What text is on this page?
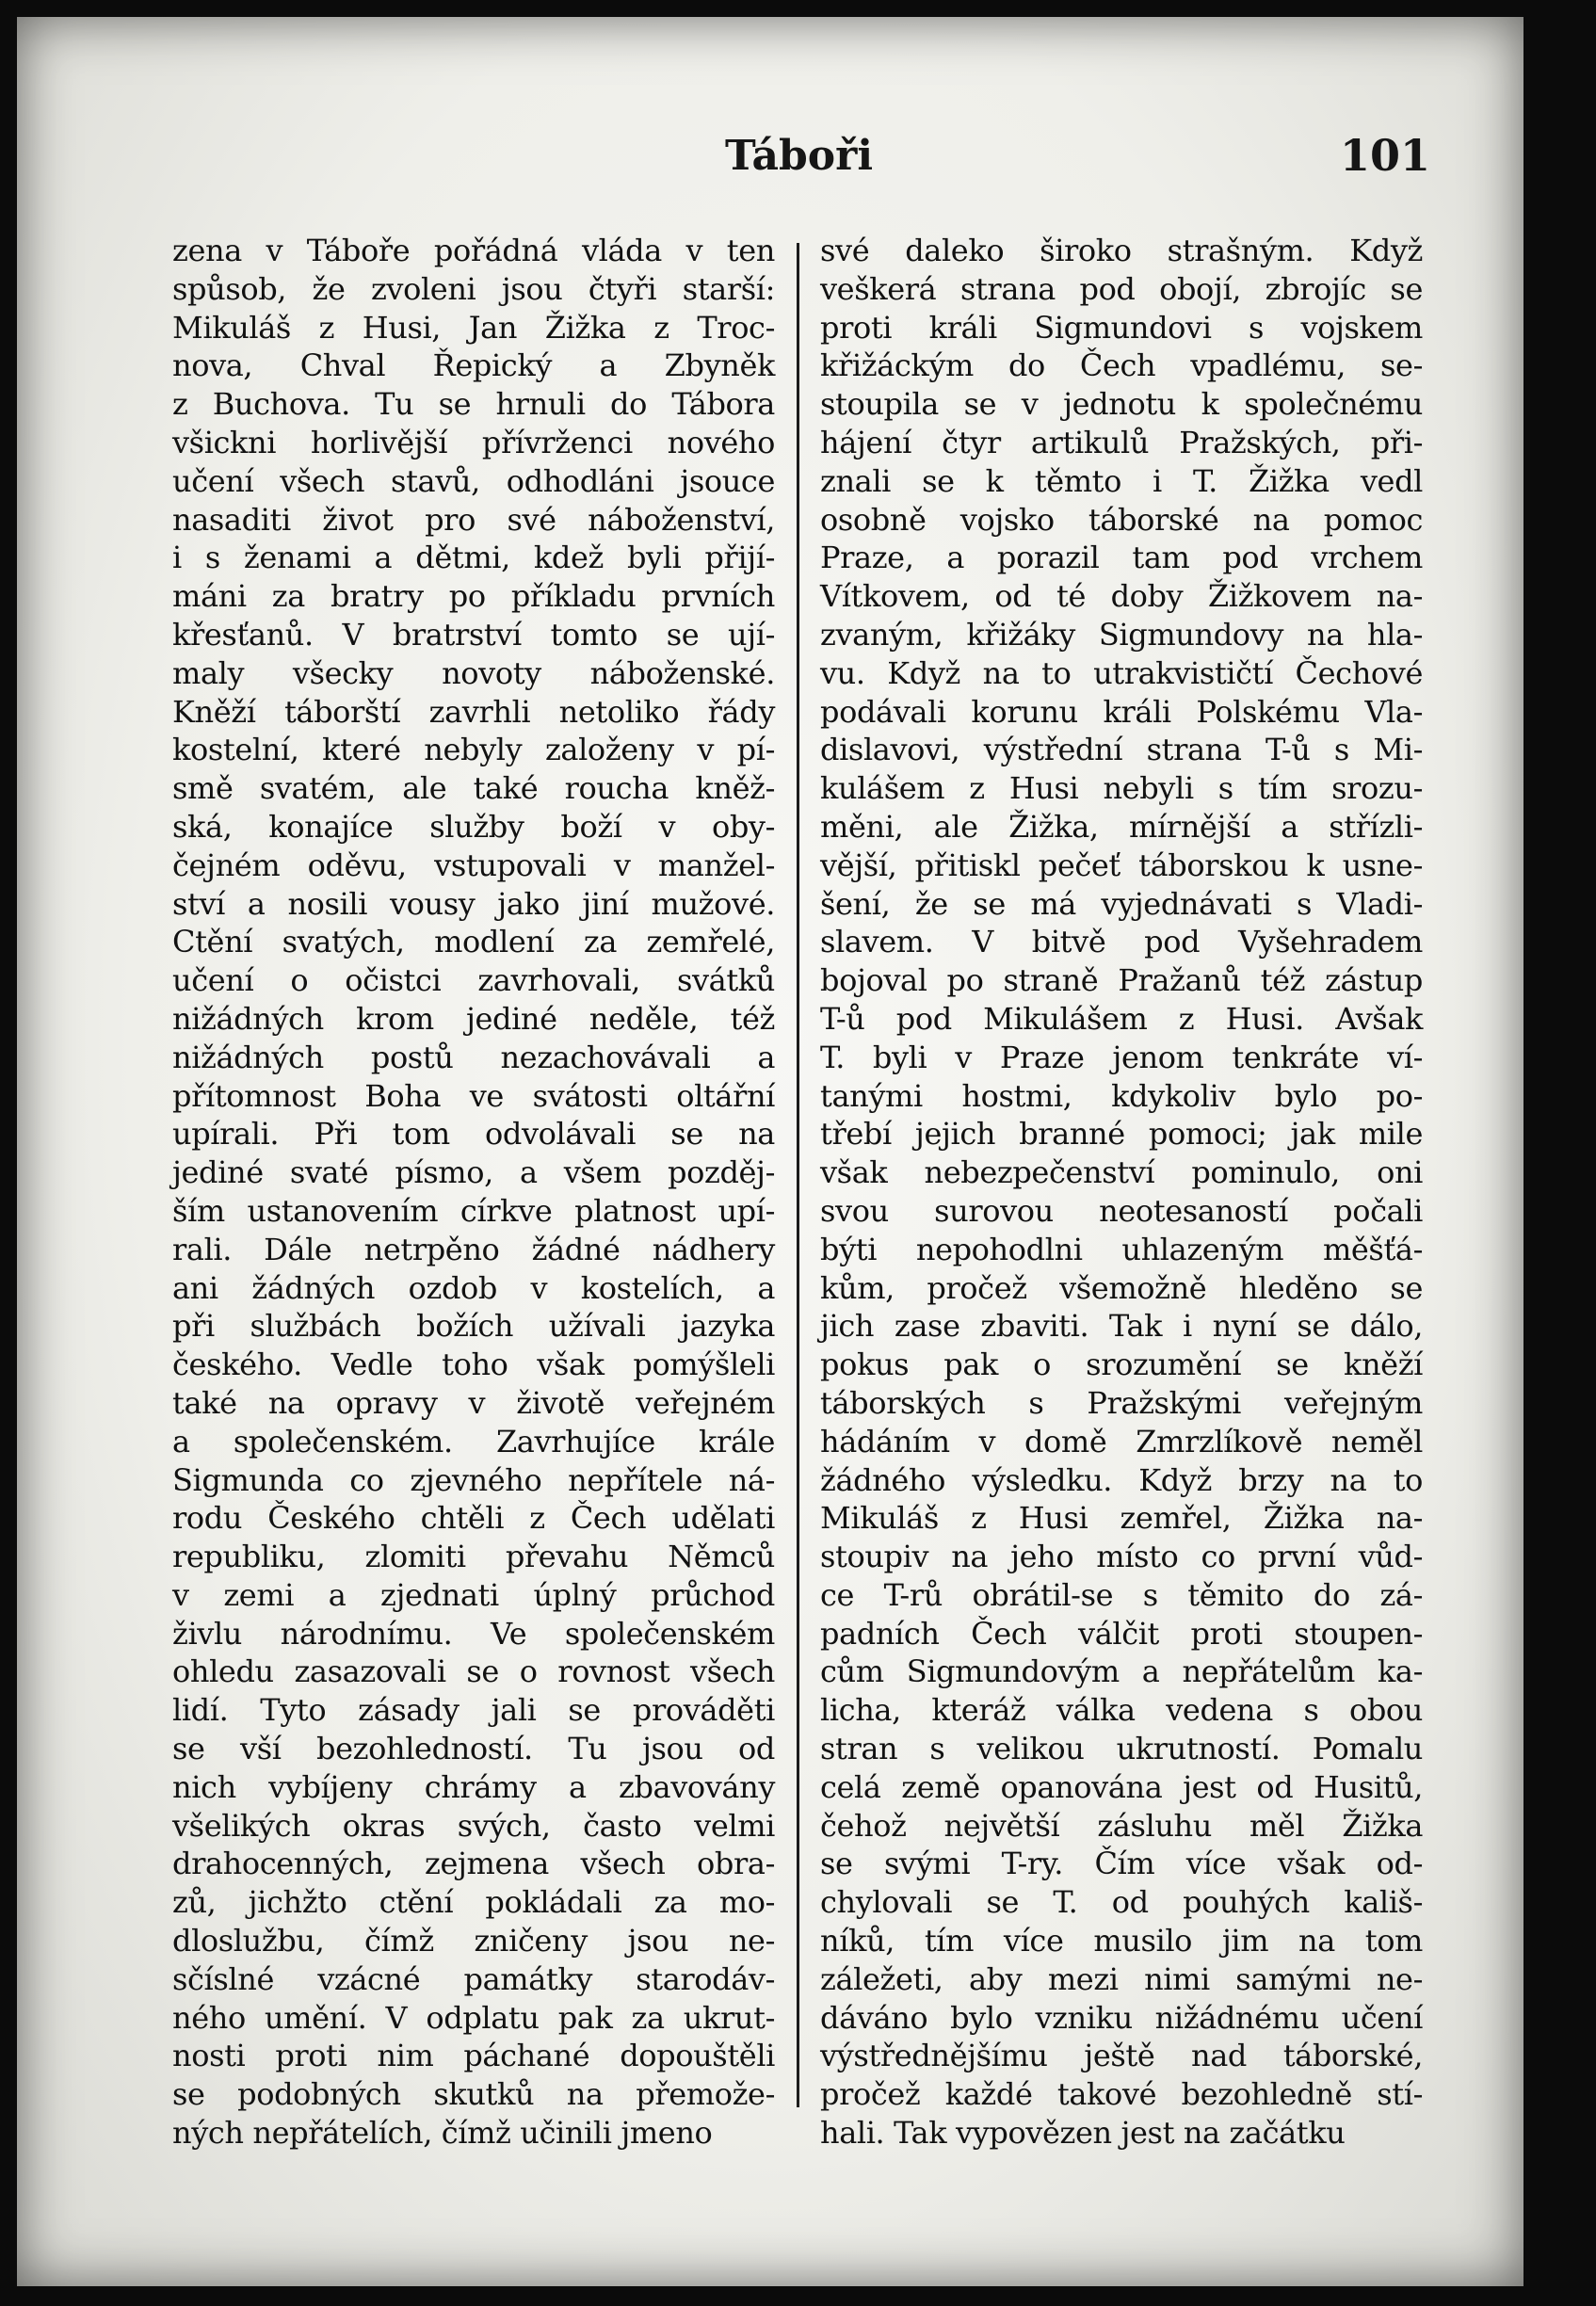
Táboři	101
zena v Táboře pořádná vláda v ten
spůsob, že zvoleni jsou čtyři starší:
Mikuláš z Husi, Jan Žižka z Troc-
nova, Chval Řepický a Zbyněk
z Buchova. Tu se hrnuli do Tábora
všickni horlivější přívrženci nového
učení všech stavů, odhodláni jsouce
nasaditi život pro své náboženství,
i s ženami a dětmi, kdež byli přijí-
máni za bratry po příkladu prvních
křesťanů. V bratrství tomto se ují-
maly všecky novoty náboženské.
Kněží táborští zavrhli netoliko řády
kostelní, které nebyly založeny v pí-
smě svatém, ale také roucha kněž-
ská, konajíce služby boží v oby-
čejném oděvu, vstupovali v manžel-
ství a nosili vousy jako jiní mužové.
Ctění svatých, modlení za zemřelé,
učení o očistci zavrhovali, svátků
nižádných krom jediné neděle, též
nižádných postů nezachovávali a
přítomnost Boha ve svátosti oltářní
upírali. Při tom odvolávali se na
jediné svaté písmo, a všem pozděj-
ším ustanovením církve platnost upí-
rali. Dále netrpěno žádné nádhery
ani žádných ozdob v kostelích, a
při službách božích užívali jazyka
českého. Vedle toho však pomýšleli
také na opravy v životě veřejném
a společenském. Zavrhujíce krále
Sigmunda co zjevného nepřítele ná-
rodu Českého chtěli z Čech udělati
republiku, zlomiti převahu Němců
v zemi a zjednati úplný průchod
živlu národnímu. Ve společenském
ohledu zasazovali se o rovnost všech
lidí. Tyto zásady jali se prováděti
se vší bezohledností. Tu jsou od
nich vybíjeny chrámy a zbavovány
všelikých okras svých, často velmi
drahocenných, zejmena všech obra-
zů, jichžto ctění pokládali za mo-
dloslužbu, čímž zničeny jsou ne-
sčíslné vzácné památky starodáv-
ného umění. V odplatu pak za ukrut-
nosti proti nim páchané dopouštěli
se podobných skutků na přemože-
ných nepřátelích, čímž učinili jmeno
své daleko široko strašným. Když
veškerá strana pod obojí, zbrojíc se
proti králi Sigmundovi s vojskem
křižáckým do Čech vpadlému, se-
stoupila se v jednotu k společnému
hájení čtyr artikulů Pražských, při-
znali se k těmto i T. Žižka vedl
osobně vojsko táborské na pomoc
Praze, a porazil tam pod vrchem
Vítkovem, od té doby Žižkovem na-
zvaným, křižáky Sigmundovy na hla-
vu. Když na to utrakvističtí Čechové
podávali korunu králi Polskému Vla-
dislavovi, výstřední strana T-ů s Mi-
kulášem z Husi nebyli s tím srozu-
měni, ale Žižka, mírnější a střízli-
vější, přitiskl pečeť táborskou k usne-
šení, že se má vyjednávati s Vladi-
slavem. V bitvě pod Vyšehradem
bojoval po straně Pražanů též zástup
T-ů pod Mikulášem z Husi. Avšak
T. byli v Praze jenom tenkráte ví-
tanými hostmi, kdykoliv bylo po-
třebí jejich branné pomoci; jak mile
však nebezpečenství pominulo, oni
svou surovou neotesaností počali
býti nepohodlni uhlazeným měšťá-
kům, pročež všemožně hleděno se
jich zase zbaviti. Tak i nyní se dálo,
pokus pak o srozumění se kněží
táborských s Pražskými veřejným
hádáním v domě Zmrzlíkově neměl
žádného výsledku. Když brzy na to
Mikuláš z Husi zemřel, Žižka na-
stoupiv na jeho místo co první vůd-
ce T-rů obrátil-se s těmito do zá-
padních Čech válčit proti stoupen-
cům Sigmundovým a nepřátelům ka-
licha, kteráž válka vedena s obou
stran s velikou ukrutností. Pomalu
celá země opanována jest od Husitů,
čehož největší zásluhu měl Žižka
se svými T-ry. Čím více však od-
chylovali se T. od pouhých kališ-
níků, tím více musilo jim na tom
záležeti, aby mezi nimi samými ne-
dáváno bylo vzniku nižádnému učení
výstřednějšímu ještě nad táborské,
pročež každé takové bezohledně stí-
hali. Tak vypovězen jest na začátku
